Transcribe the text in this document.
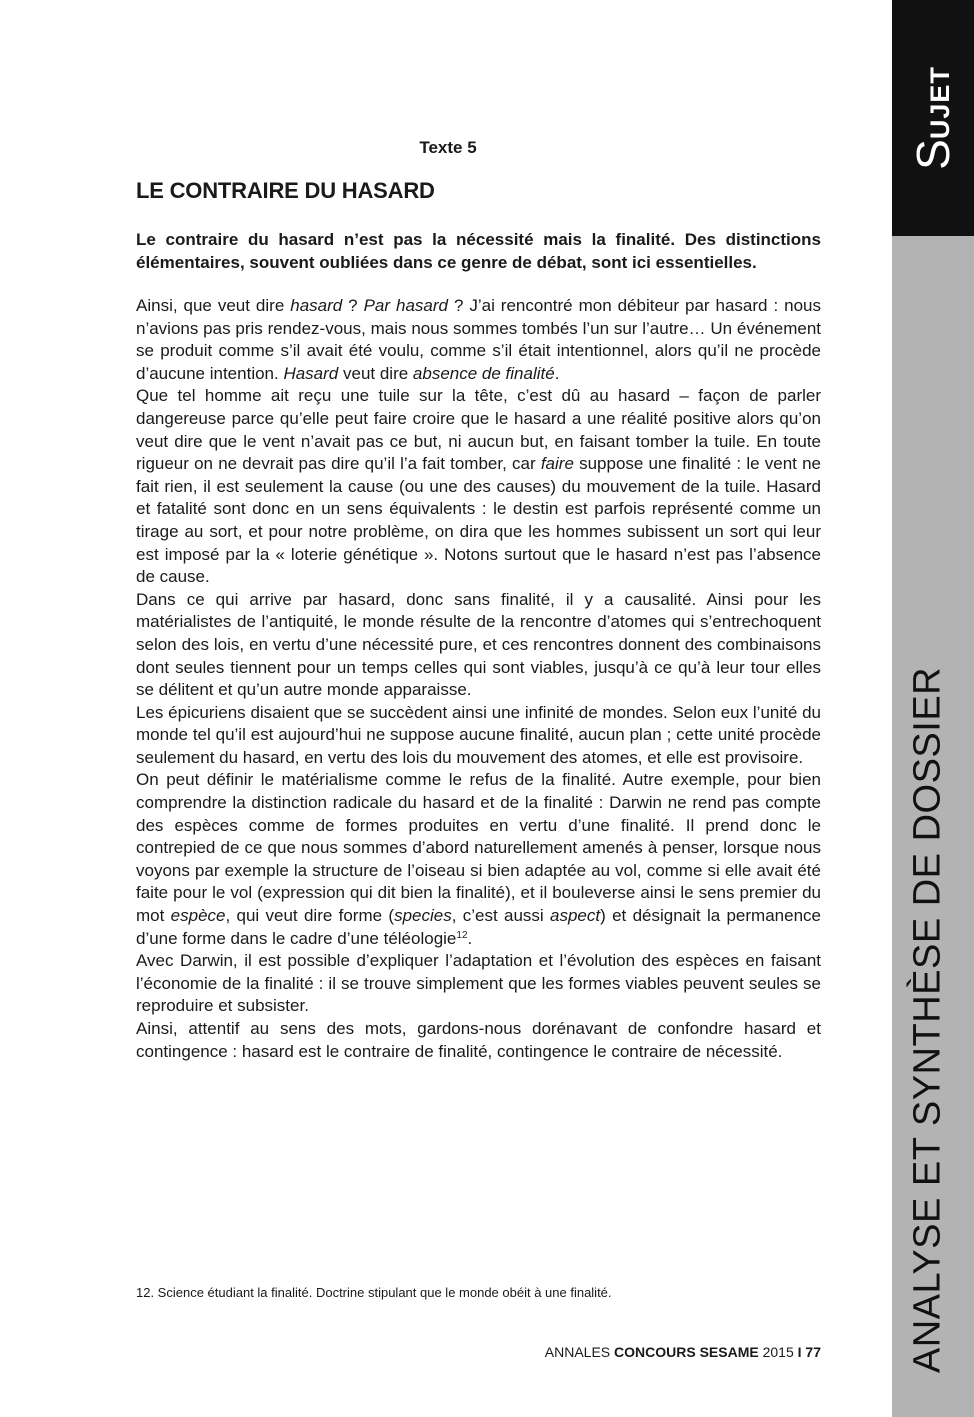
SUJET
ANALYSE ET SYNTHÈSE DE DOSSIER
Texte 5
LE CONTRAIRE DU HASARD

Le contraire du hasard n’est pas la nécessité mais la finalité. Des distinctions élémentaires, souvent oubliées dans ce genre de débat, sont ici essentielles.

Ainsi, que veut dire hasard ? Par hasard ? J’ai rencontré mon débiteur par hasard : nous n’avions pas pris rendez-vous, mais nous sommes tombés l’un sur l’autre… Un événement se produit comme s’il avait été voulu, comme s’il était intentionnel, alors qu’il ne procède d’aucune intention. Hasard veut dire absence de finalité.

Que tel homme ait reçu une tuile sur la tête, c’est dû au hasard – façon de parler dangereuse parce qu’elle peut faire croire que le hasard a une réalité positive alors qu’on veut dire que le vent n’avait pas ce but, ni aucun but, en faisant tomber la tuile. En toute rigueur on ne devrait pas dire qu’il l’a fait tomber, car faire suppose une finalité : le vent ne fait rien, il est seulement la cause (ou une des causes) du mouvement de la tuile. Hasard et fatalité sont donc en un sens équivalents : le destin est parfois représenté comme un tirage au sort, et pour notre problème, on dira que les hommes subissent un sort qui leur est imposé par la « loterie génétique ». Notons surtout que le hasard n’est pas l’absence de cause.

Dans ce qui arrive par hasard, donc sans finalité, il y a causalité. Ainsi pour les matérialistes de l’antiquité, le monde résulte de la rencontre d’atomes qui s’entrechoquent selon des lois, en vertu d’une nécessité pure, et ces rencontres donnent des combinaisons dont seules tiennent pour un temps celles qui sont viables, jusqu’à ce qu’à leur tour elles se délitent et qu’un autre monde apparaisse.

Les épicuriens disaient que se succèdent ainsi une infinité de mondes. Selon eux l’unité du monde tel qu’il est aujourd’hui ne suppose aucune finalité, aucun plan ; cette unité procède seulement du hasard, en vertu des lois du mouvement des atomes, et elle est provisoire.

On peut définir le matérialisme comme le refus de la finalité. Autre exemple, pour bien comprendre la distinction radicale du hasard et de la finalité : Darwin ne rend pas compte des espèces comme de formes produites en vertu d’une finalité. Il prend donc le contrepied de ce que nous sommes d’abord naturellement amenés à penser, lorsque nous voyons par exemple la structure de l’oiseau si bien adaptée au vol, comme si elle avait été faite pour le vol (expression qui dit bien la finalité), et il bouleverse ainsi le sens premier du mot espèce, qui veut dire forme (species, c’est aussi aspect) et désignait la permanence d’une forme dans le cadre d’une téléologie$^{12}$.

Avec Darwin, il est possible d’expliquer l’adaptation et l’évolution des espèces en faisant l’économie de la finalité : il se trouve simplement que les formes viables peuvent seules se reproduire et subsister.

Ainsi, attentif au sens des mots, gardons-nous dorénavant de confondre hasard et contingence : hasard est le contraire de finalité, contingence le contraire de nécessité.

12. Science étudiant la finalité. Doctrine stipulant que le monde obéit à une finalité.
ANNALES CONCOURS SESAME 2015 I 77
